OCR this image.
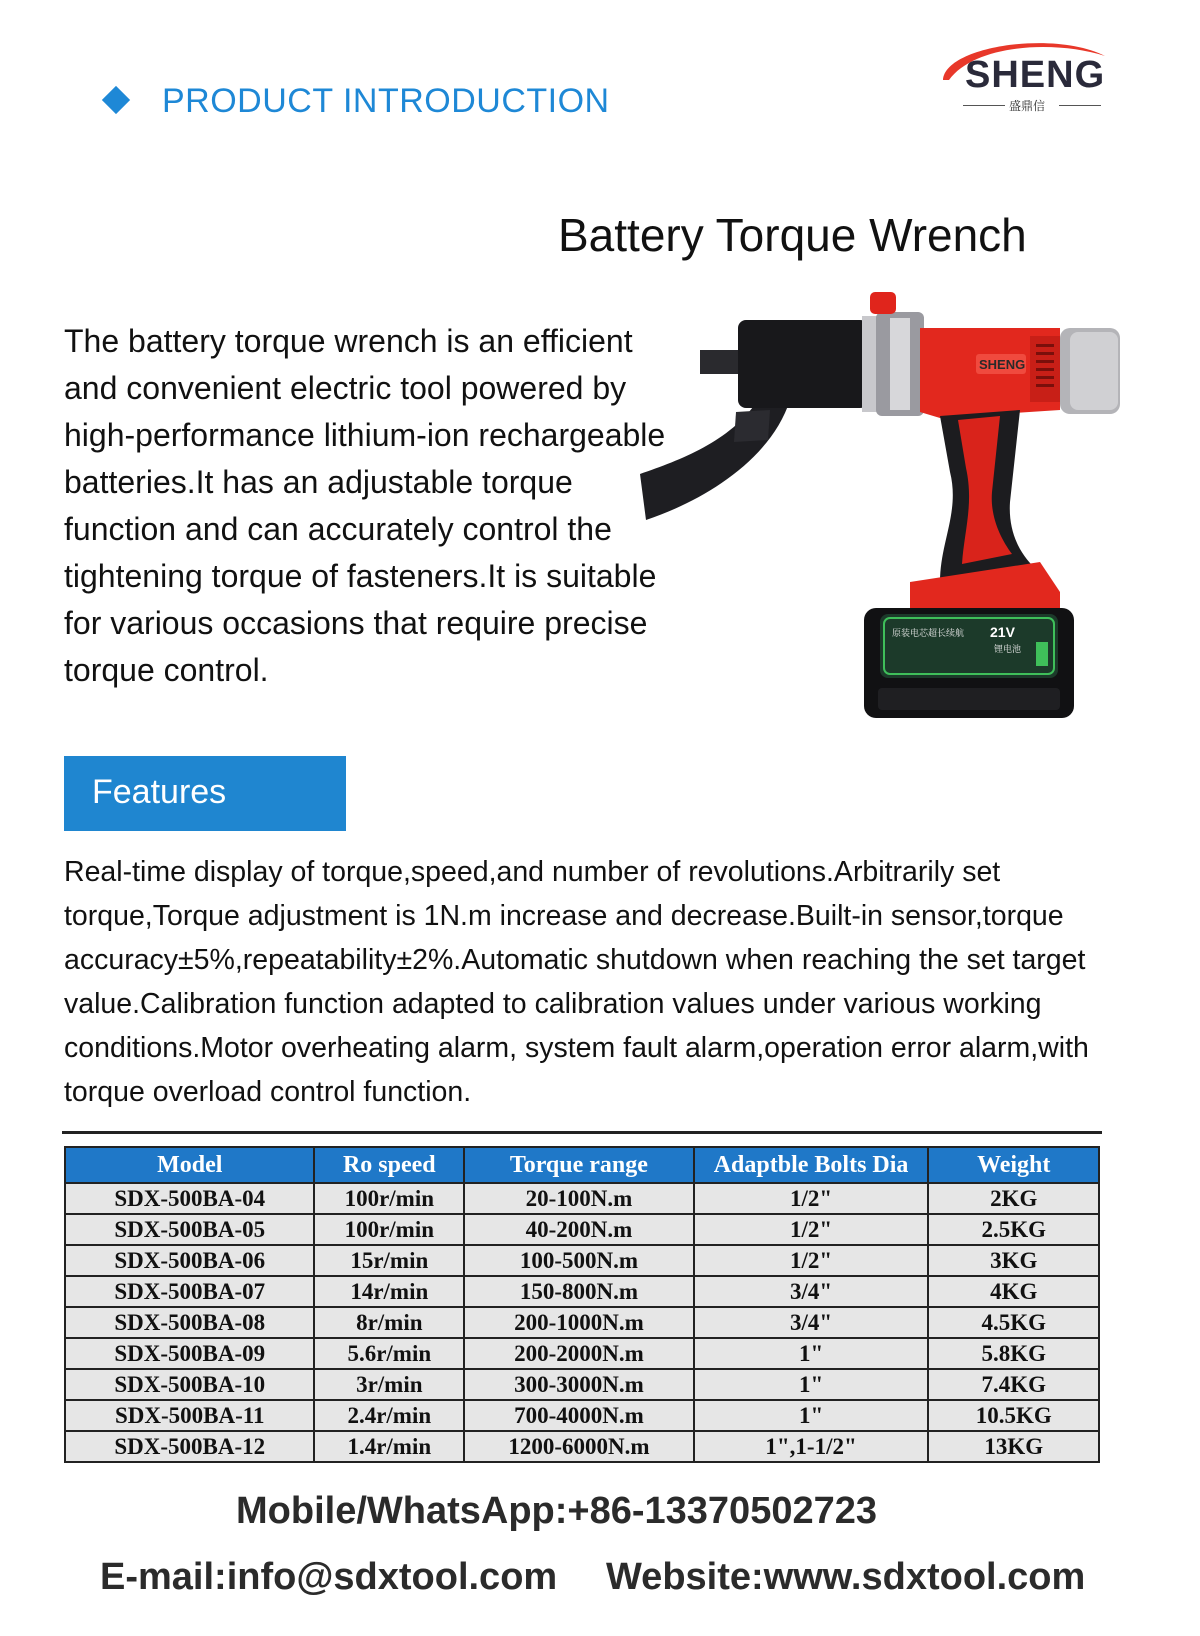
PRODUCT INTRODUCTION
SHENG
盛鼎信
Battery Torque Wrench
The battery torque wrench is an efficient and convenient electric tool powered by high-performance lithium-ion rechargeable batteries.It has an adjustable torque function and can accurately control the tightening torque of fasteners.It is suitable for various occasions that require precise torque control.
SHENG
原装电芯超长续航 21V
锂电池
Features
Real-time display of torque,speed,and number of revolutions.Arbitrarily set torque,Torque adjustment is 1N.m increase and decrease.Built-in sensor,torque accuracy±5%,repeatability±2%.Automatic shutdown when reaching the set target value.Calibration function adapted to calibration values under various working conditions.Motor overheating alarm, system fault alarm,operation error alarm,with torque overload control function.
Model	Ro speed	Torque range	Adaptble Bolts Dia	Weight
SDX-500BA-04	100r/min	20-100N.m	1/2"	2KG
SDX-500BA-05	100r/min	40-200N.m	1/2"	2.5KG
SDX-500BA-06	15r/min	100-500N.m	1/2"	3KG
SDX-500BA-07	14r/min	150-800N.m	3/4"	4KG
SDX-500BA-08	8r/min	200-1000N.m	3/4"	4.5KG
SDX-500BA-09	5.6r/min	200-2000N.m	1"	5.8KG
SDX-500BA-10	3r/min	300-3000N.m	1"	7.4KG
SDX-500BA-11	2.4r/min	700-4000N.m	1"	10.5KG
SDX-500BA-12	1.4r/min	1200-6000N.m	1",1-1/2"	13KG
Mobile/WhatsApp:+86-13370502723
E-mail:info@sdxtool.com Website:www.sdxtool.com
